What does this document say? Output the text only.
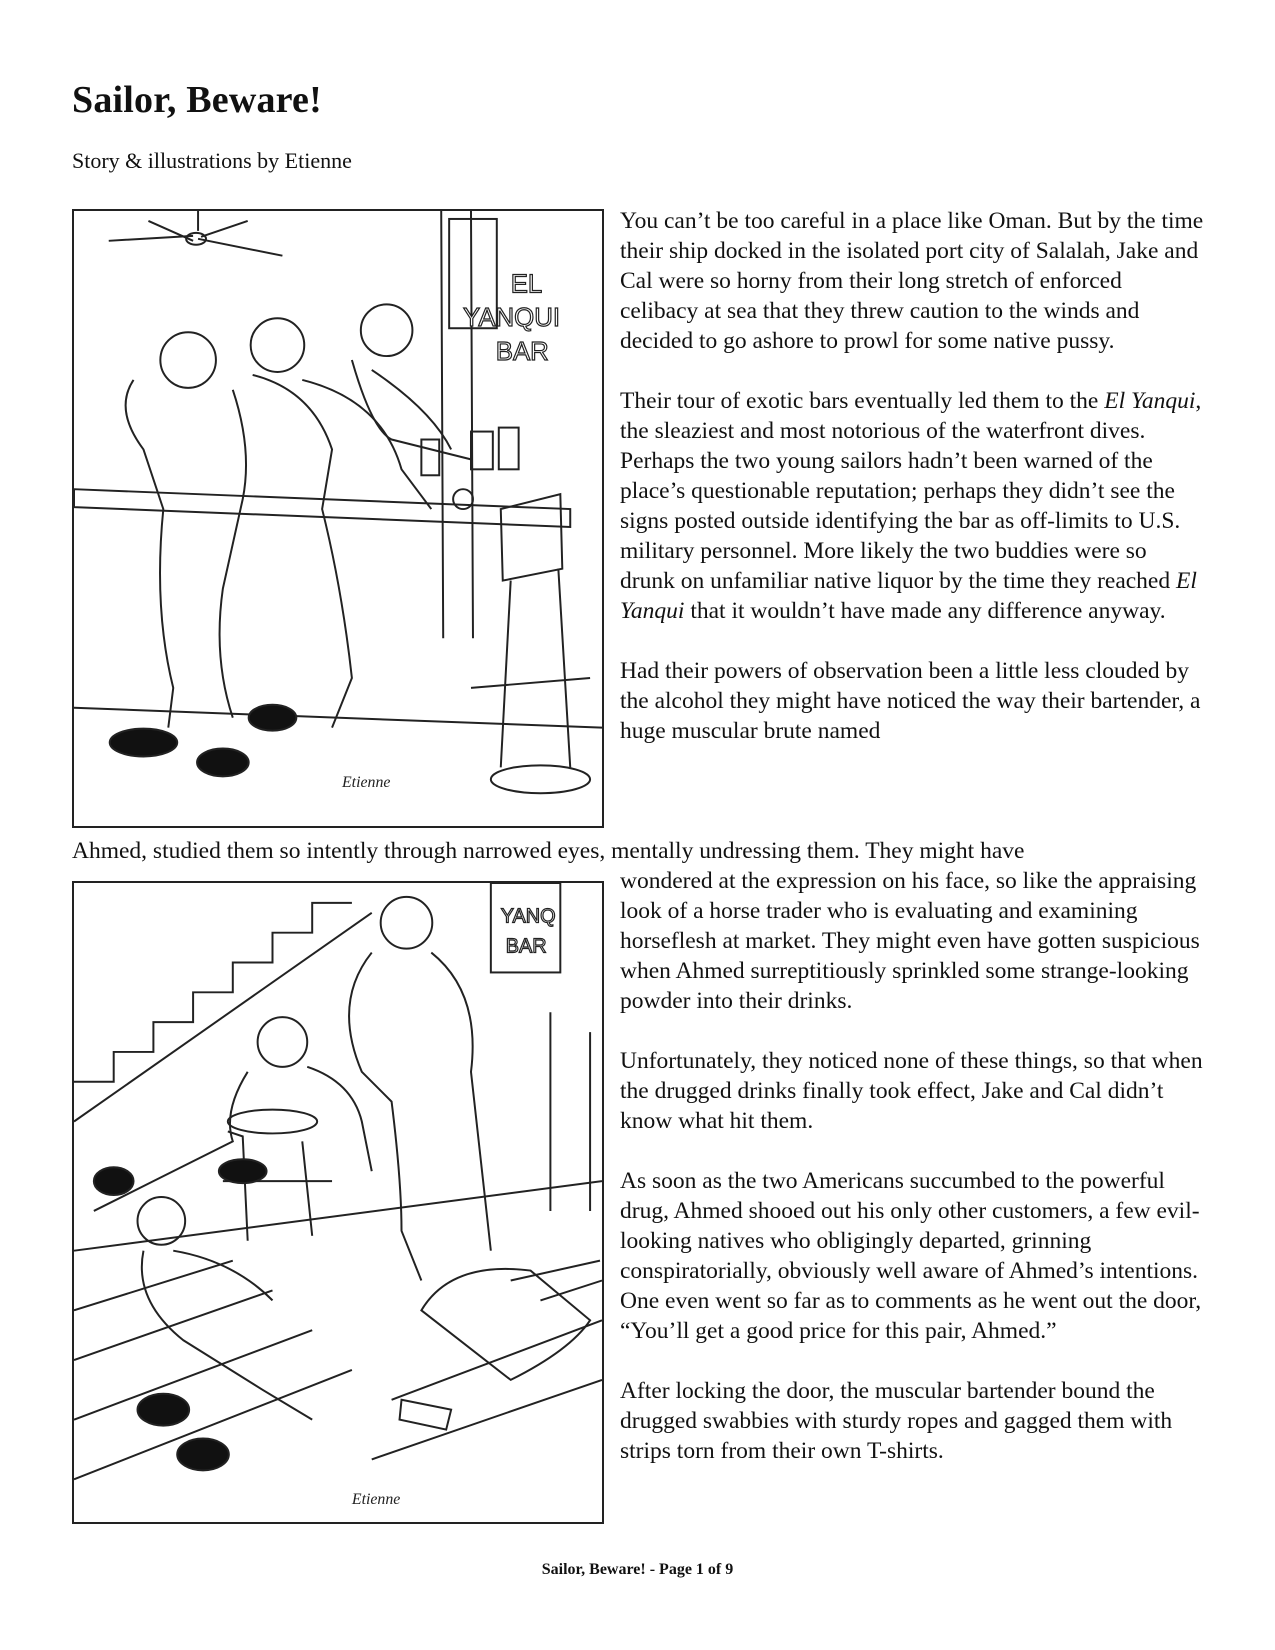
Sailor, Beware!
Story & illustrations by Etienne
EL
YANQUI
BAR
Etienne
YANQ
BAR
Etienne

You can’t be too careful in a place like Oman. But by the time their ship docked in the isolated port city of Salalah, Jake and Cal were so horny from their long stretch of enforced celibacy at sea that they threw caution to the winds and decided to go ashore to prowl for some native pussy.

Their tour of exotic bars eventually led them to the El Yanqui, the sleaziest and most notorious of the waterfront dives. Perhaps the two young sailors hadn’t been warned of the place’s questionable reputation; perhaps they didn’t see the signs posted outside identifying the bar as off-limits to U.S. military personnel. More likely the two buddies were so drunk on unfamiliar native liquor by the time they reached El Yanqui that it wouldn’t have made any difference anyway.

Had their powers of observation been a little less clouded by the alcohol they might have noticed the way their bartender, a huge muscular brute named

Ahmed, studied them so intently through narrowed eyes, mentally undressing them. They might have

wondered at the expression on his face, so like the appraising look of a horse trader who is evaluating and examining horseflesh at market. They might even have gotten suspicious when Ahmed surreptitiously sprinkled some strange-looking powder into their drinks.

Unfortunately, they noticed none of these things, so that when the drugged drinks finally took effect, Jake and Cal didn’t know what hit them.

As soon as the two Americans succumbed to the powerful drug, Ahmed shooed out his only other customers, a few evil-looking natives who obligingly departed, grinning conspiratorially, obviously well aware of Ahmed’s intentions. One even went so far as to comments as he went out the door, “You’ll get a good price for this pair, Ahmed.”

After locking the door, the muscular bartender bound the drugged swabbies with sturdy ropes and gagged them with strips torn from their own T-shirts.

Sailor, Beware! - Page 1 of 9
